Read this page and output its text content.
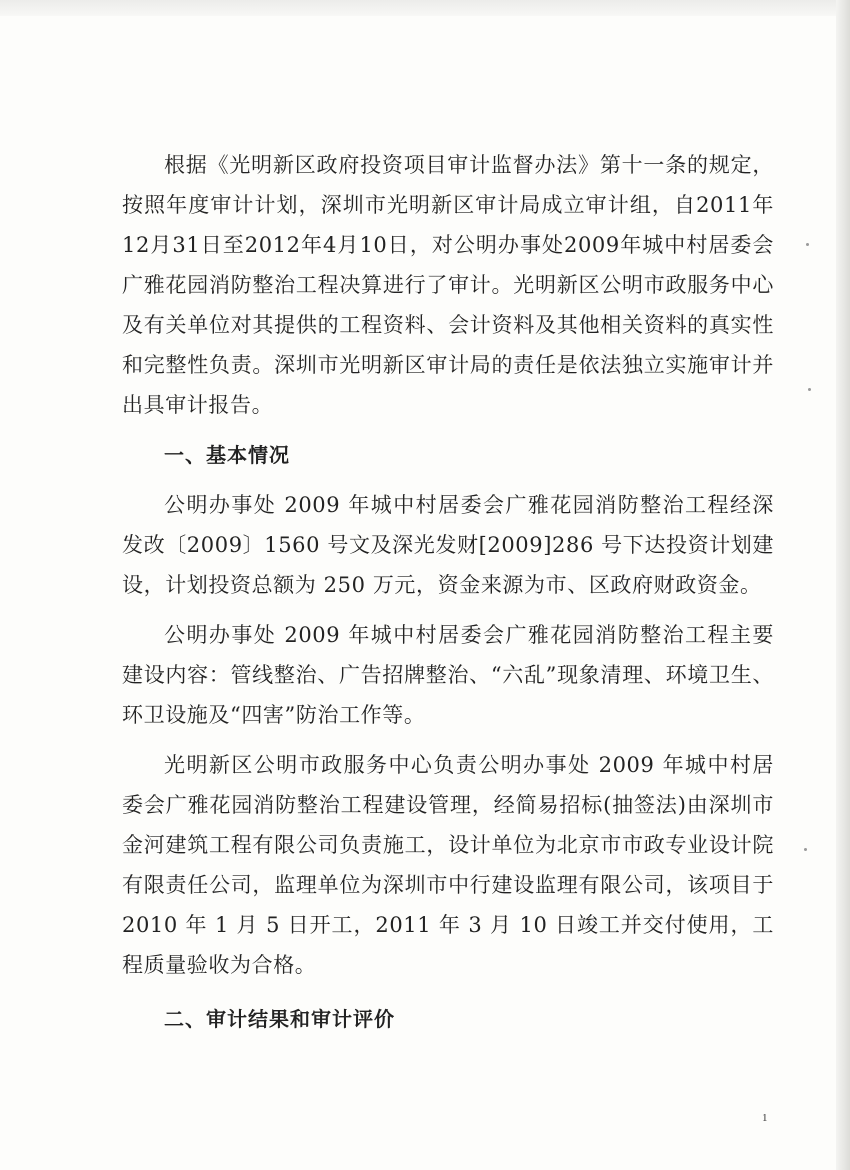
根据《光明新区政府投资项目审计监督办法》第十一条的规定，按照年度审计计划，深圳市光明新区审计局成立审计组，自2011年12月31日至2012年4月10日，对公明办事处2009年城中村居委会广雅花园消防整治工程决算进行了审计。光明新区公明市政服务中心及有关单位对其提供的工程资料、会计资料及其他相关资料的真实性和完整性负责。深圳市光明新区审计局的责任是依法独立实施审计并出具审计报告。

一、基本情况

公明办事处 2009 年城中村居委会广雅花园消防整治工程经深发改〔2009〕1560 号文及深光发财[2009]286 号下达投资计划建设，计划投资总额为 250 万元，资金来源为市、区政府财政资金。

公明办事处 2009 年城中村居委会广雅花园消防整治工程主要建设内容：管线整治、广告招牌整治、“六乱”现象清理、环境卫生、环卫设施及“四害”防治工作等。

光明新区公明市政服务中心负责公明办事处 2009 年城中村居委会广雅花园消防整治工程建设管理，经简易招标(抽签法)由深圳市金河建筑工程有限公司负责施工，设计单位为北京市市政专业设计院有限责任公司，监理单位为深圳市中行建设监理有限公司，该项目于 2010 年 1 月 5 日开工，2011 年 3 月 10 日竣工并交付使用，工程质量验收为合格。

二、审计结果和审计评价

1
